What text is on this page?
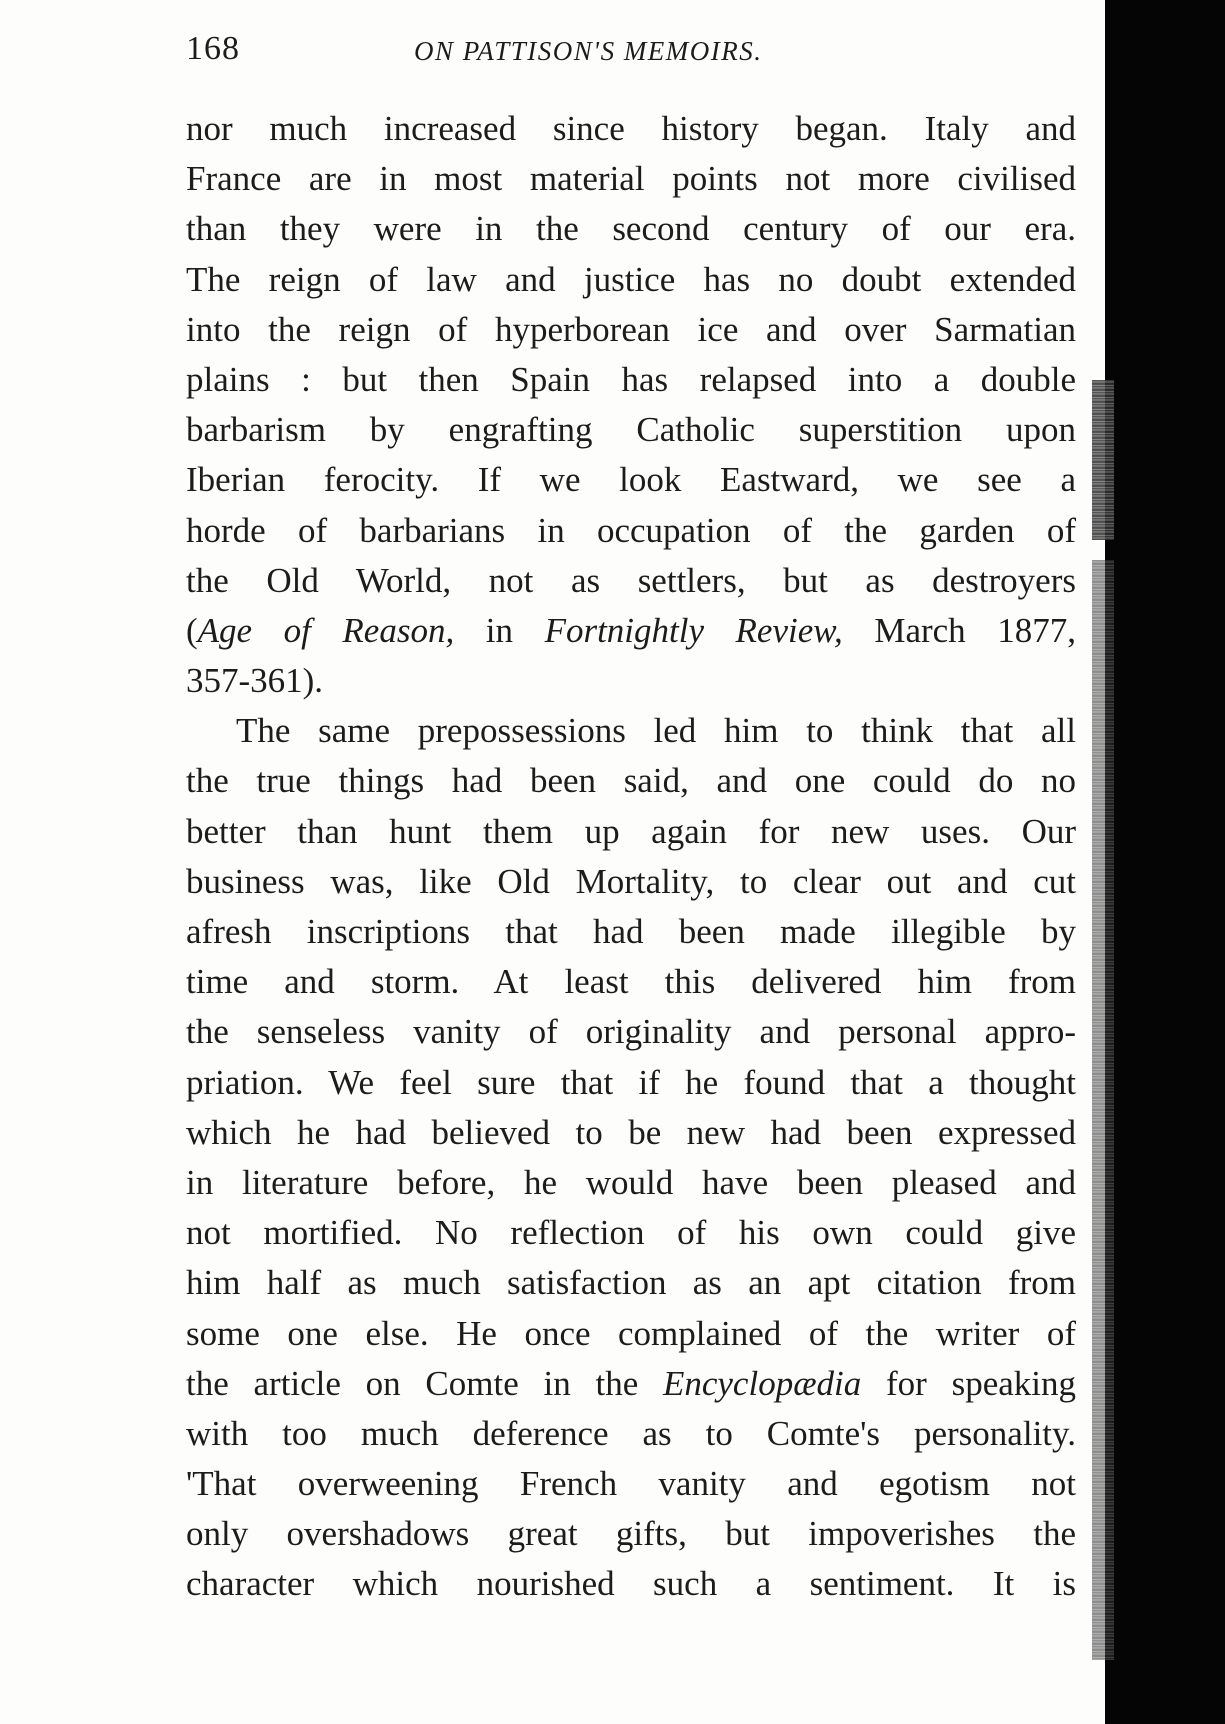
168	ON PATTISON'S MEMOIRS.
nor much increased since history began. Italy and
France are in most material points not more civilised
than they were in the second century of our era.
The reign of law and justice has no doubt extended
into the reign of hyperborean ice and over Sarmatian
plains : but then Spain has relapsed into a double
barbarism by engrafting Catholic superstition upon
Iberian ferocity. If we look Eastward, we see a
horde of barbarians in occupation of the garden of
the Old World, not as settlers, but as destroyers
(Age of Reason, in Fortnightly Review, March 1877,
357-361).
The same prepossessions led him to think that all
the true things had been said, and one could do no
better than hunt them up again for new uses. Our
business was, like Old Mortality, to clear out and cut
afresh inscriptions that had been made illegible by
time and storm. At least this delivered him from
the senseless vanity of originality and personal appro-
priation. We feel sure that if he found that a thought
which he had believed to be new had been expressed
in literature before, he would have been pleased and
not mortified. No reflection of his own could give
him half as much satisfaction as an apt citation from
some one else. He once complained of the writer of
the article on Comte in the Encyclopædia for speaking
with too much deference as to Comte's personality.
'That overweening French vanity and egotism not
only overshadows great gifts, but impoverishes the
character which nourished such a sentiment. It is
